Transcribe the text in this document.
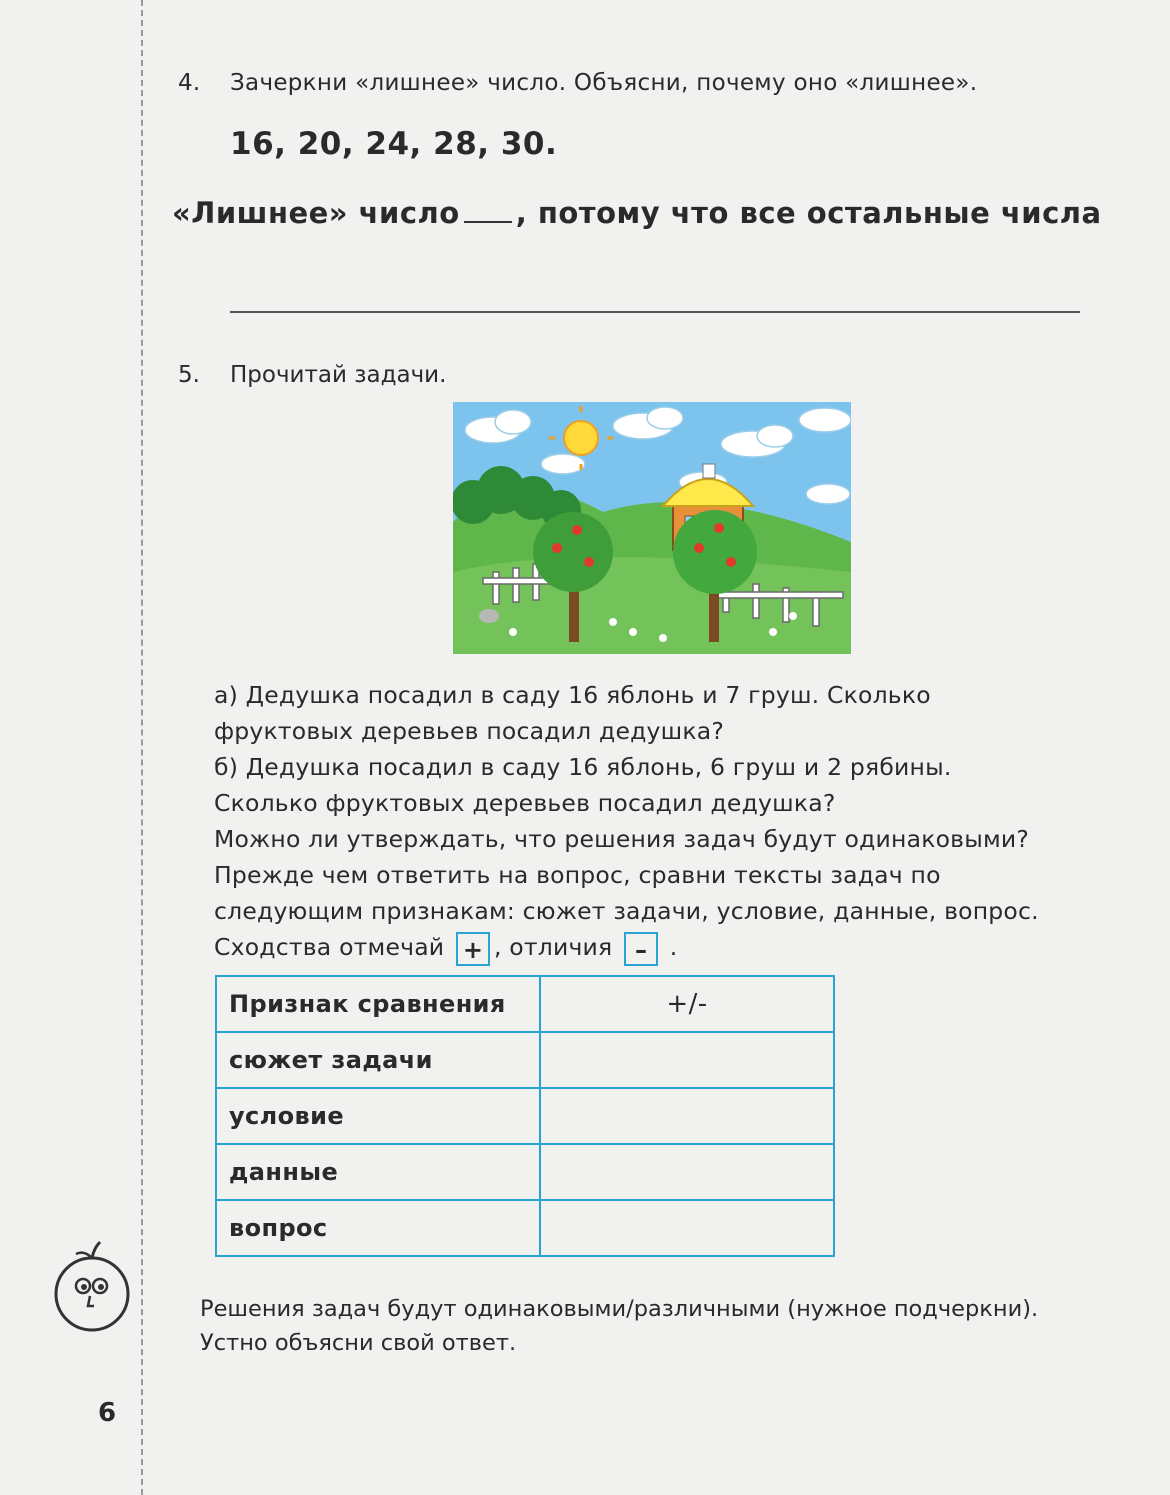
4. Зачеркни «лишнее» число. Объясни, почему оно «лишнее».
16, 20, 24, 28, 30.
«Лишнее» число , потому что все остальные числа
5. Прочитай задачи.
а) Дедушка посадил в саду 16 яблонь и 7 груш. Сколько
фруктовых деревьев посадил дедушка?
б) Дедушка посадил в саду 16 яблонь, 6 груш и 2 рябины.
Сколько фруктовых деревьев посадил дедушка?
Можно ли утверждать, что решения задач будут одинаковыми?
Прежде чем ответить на вопрос, сравни тексты задач по
следующим признакам: сюжет задачи, условие, данные, вопрос.
Сходства отмечай + , отличия – .
Признак сравнения	+/-
сюжет задачи	
условие	
данные	
вопрос	
Решения задач будут одинаковыми/различными (нужное подчеркни).
Устно объясни свой ответ.
6
